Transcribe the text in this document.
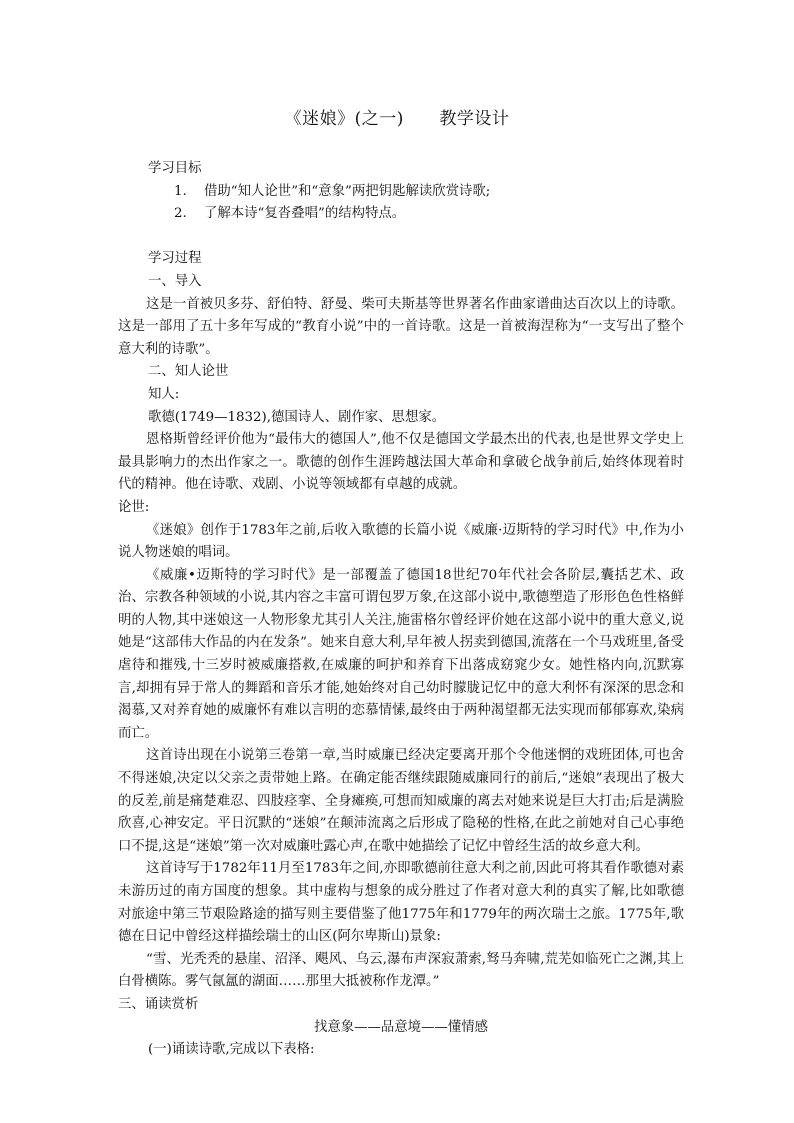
《迷娘》(之一)      教学设计

学习目标

1. 借助“知人论世”和“意象”两把钥匙解读欣赏诗歌;

2. 了解本诗“复沓叠唱”的结构特点。

学习过程

一、导入

这是一首被贝多芬、舒伯特、舒曼、柴可夫斯基等世界著名作曲家谱曲达百次以上的诗歌。这是一部用了五十多年写成的“教育小说”中的一首诗歌。这是一首被海涅称为“一支写出了整个意大利的诗歌”。

二、知人论世

知人:

歌德(1749—1832),德国诗人、剧作家、思想家。

恩格斯曾经评价他为“最伟大的德国人”,他不仅是德国文学最杰出的代表,也是世界文学史上最具影响力的杰出作家之一。歌德的创作生涯跨越法国大革命和拿破仑战争前后,始终体现着时代的精神。他在诗歌、戏剧、小说等领域都有卓越的成就。

论世:

《迷娘》创作于1783年之前,后收入歌德的长篇小说《威廉·迈斯特的学习时代》中,作为小说人物迷娘的唱词。

《威廉•迈斯特的学习时代》是一部覆盖了德国18世纪70年代社会各阶层,囊括艺术、政治、宗教各种领域的小说,其内容之丰富可谓包罗万象,在这部小说中,歌德塑造了形形色色性格鲜明的人物,其中迷娘这一人物形象尤其引人关注,施雷格尔曾经评价她在这部小说中的重大意义,说她是“这部伟大作品的内在发条”。她来自意大利,早年被人拐卖到德国,流落在一个马戏班里,备受虐待和摧残,十三岁时被威廉搭救,在威廉的呵护和养育下出落成窈窕少女。她性格内向,沉默寡言,却拥有异于常人的舞蹈和音乐才能,她始终对自己幼时朦胧记忆中的意大利怀有深深的思念和渴慕,又对养育她的威廉怀有难以言明的恋慕情愫,最终由于两种渴望都无法实现而郁郁寡欢,染病而亡。

这首诗出现在小说第三卷第一章,当时威廉已经决定要离开那个令他迷惘的戏班团体,可也舍不得迷娘,决定以父亲之责带她上路。在确定能否继续跟随威廉同行的前后,“迷娘”表现出了极大的反差,前是痛楚难忍、四肢痉挛、全身瘫痪,可想而知威廉的离去对她来说是巨大打击;后是满脸欣喜,心神安定。平日沉默的“迷娘”在颠沛流离之后形成了隐秘的性格,在此之前她对自己心事绝口不提,这是“迷娘”第一次对威廉吐露心声,在歌中她描绘了记忆中曾经生活的故乡意大利。

这首诗写于1782年11月至1783年之间,亦即歌德前往意大利之前,因此可将其看作歌德对素未游历过的南方国度的想象。其中虚构与想象的成分胜过了作者对意大利的真实了解,比如歌德对旅途中第三节艰险路途的描写则主要借鉴了他1775年和1779年的两次瑞士之旅。1775年,歌德在日记中曾经这样描绘瑞士的山区(阿尔卑斯山)景象:

“雪、光秃秃的悬崖、沼泽、飓风、乌云,瀑布声深寂萧索,驽马奔啸,荒芜如临死亡之渊,其上白骨横陈。雾气氤氲的湖面……那里大抵被称作龙潭。”

三、诵读赏析

找意象——品意境——懂情感

(一)诵读诗歌,完成以下表格:
